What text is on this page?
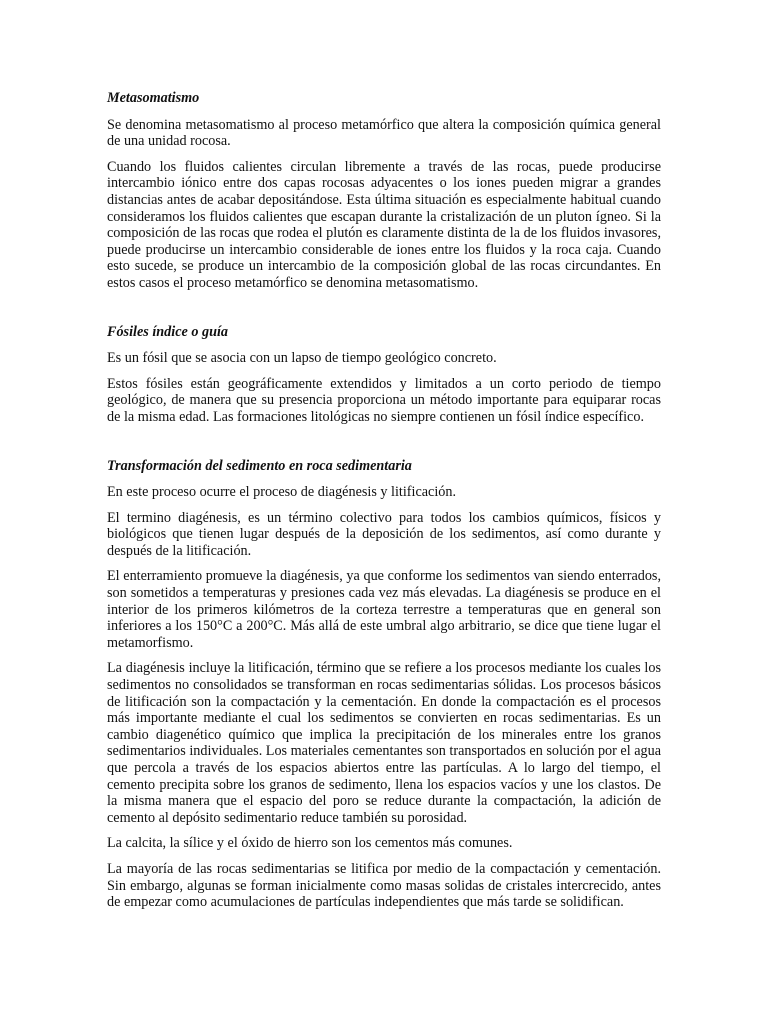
Metasomatismo

Se denomina metasomatismo al proceso metamórfico que altera la composición química general de una unidad rocosa.

Cuando los fluidos calientes circulan libremente a través de las rocas, puede producirse intercambio iónico entre dos capas rocosas adyacentes o los iones pueden migrar a grandes distancias antes de acabar depositándose. Esta última situación es especialmente habitual cuando consideramos los fluidos calientes que escapan durante la cristalización de un pluton ígneo. Si la composición de las rocas que rodea el plutón es claramente distinta de la de los fluidos invasores, puede producirse un intercambio considerable de iones entre los fluidos y la roca caja. Cuando esto sucede, se produce un intercambio de la composición global de las rocas circundantes. En estos casos el proceso metamórfico se denomina metasomatismo.

Fósiles índice o guía

Es un fósil que se asocia con un lapso de tiempo geológico concreto.

Estos fósiles están geográficamente extendidos y limitados a un corto periodo de tiempo geológico, de manera que su presencia proporciona un método importante para equiparar rocas de la misma edad. Las formaciones litológicas no siempre contienen un fósil índice específico.

Transformación del sedimento en roca sedimentaria

En este proceso ocurre el proceso de diagénesis y litificación.

El termino diagénesis, es un término colectivo para todos los cambios químicos, físicos y biológicos que tienen lugar después de la deposición de los sedimentos, así como durante y después de la litificación.

El enterramiento promueve la diagénesis, ya que conforme los sedimentos van siendo enterrados, son sometidos a temperaturas y presiones cada vez más elevadas. La diagénesis se produce en el interior de los primeros kilómetros de la corteza terrestre a temperaturas que en general son inferiores a los 150°C a 200°C. Más allá de este umbral algo arbitrario, se dice que tiene lugar el metamorfismo.

La diagénesis incluye la litificación, término que se refiere a los procesos mediante los cuales los sedimentos no consolidados se transforman en rocas sedimentarias sólidas. Los procesos básicos de litificación son la compactación y la cementación. En donde la compactación es el procesos más importante mediante el cual los sedimentos se convierten en rocas sedimentarias. Es un cambio diagenético químico que implica la precipitación de los minerales entre los granos sedimentarios individuales. Los materiales cementantes son transportados en solución por el agua que percola a través de los espacios abiertos entre las partículas. A lo largo del tiempo, el cemento precipita sobre los granos de sedimento, llena los espacios vacíos y une los clastos. De la misma manera que el espacio del poro se reduce durante la compactación, la adición de cemento al depósito sedimentario reduce también su porosidad.

La calcita, la sílice y el óxido de hierro son los cementos más comunes.

La mayoría de las rocas sedimentarias se litifica por medio de la compactación y cementación. Sin embargo, algunas se forman inicialmente como masas solidas de cristales intercrecido, antes de empezar como acumulaciones de partículas independientes que más tarde se solidifican.
